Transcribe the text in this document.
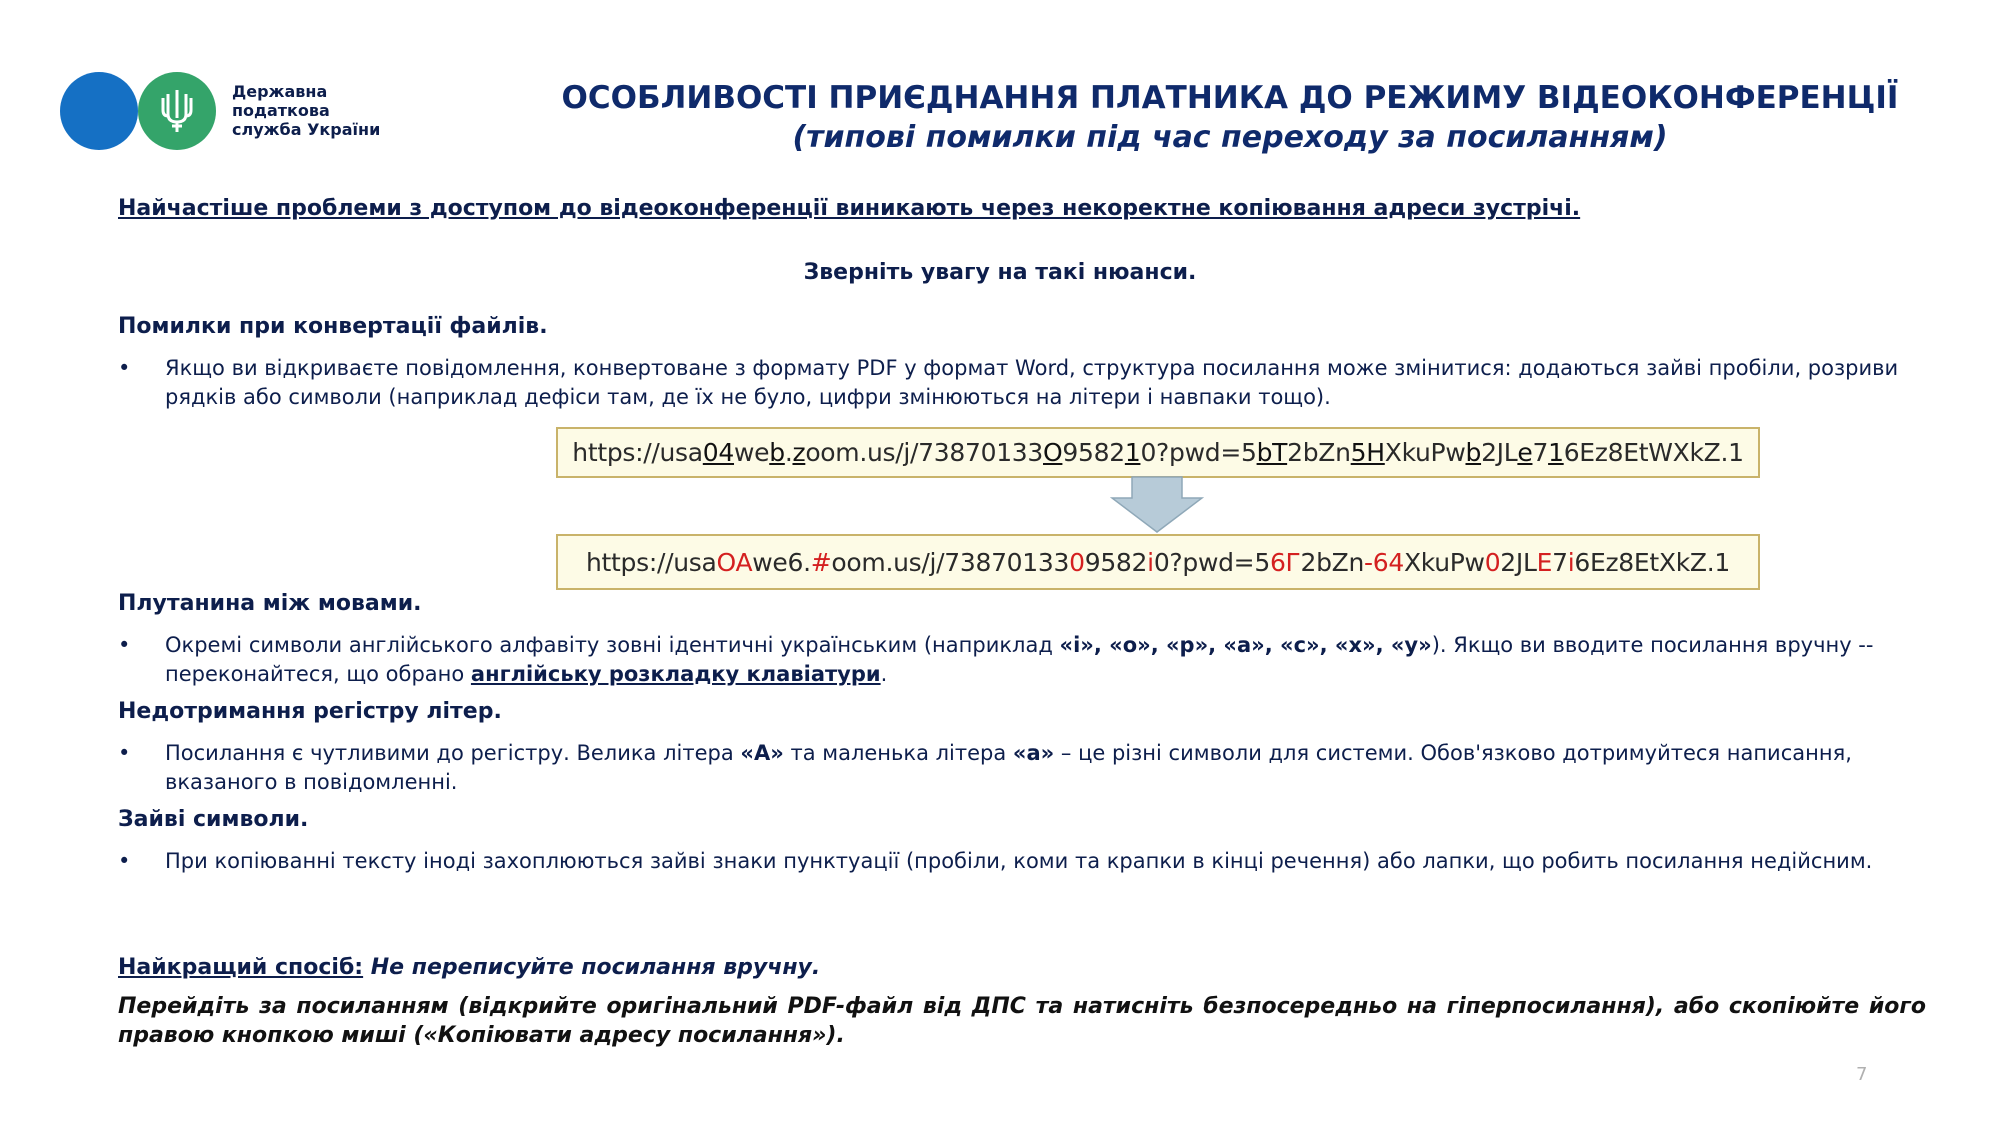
Державна
податкова
служба України
ОСОБЛИВОСТІ ПРИЄДНАННЯ ПЛАТНИКА ДО РЕЖИМУ ВІДЕОКОНФЕРЕНЦІЇ
(типові помилки під час переходу за посиланням)
Найчастіше проблеми з доступом до відеоконференції виникають через некоректне копіювання адреси зустрічі.
Зверніть увагу на такі нюанси.
Помилки при конвертації файлів.
• Якщо ви відкриваєте повідомлення, конвертоване з формату PDF у формат Word, структура посилання може змінитися: додаються зайві пробіли, розриви рядків або символи (наприклад дефіси там, де їх не було, цифри змінюються на літери і навпаки тощо).
https://usa 04 we b . z oom.us/j/73870133 O 9582 1 0?pwd=5 bT 2bZn 5H XkuPw b 2JL e 7 1 6Ez8EtWXkZ.1
https://usa OA we6. # oom.us/j/73870133 0 9582 i 0?pwd=5 6Г 2bZn -64 XkuPw 0 2JL E 7 i 6Ez8EtXkZ.1
Плутанина між мовами.
• Окремі символи англійського алфавіту зовні ідентичні українським (наприклад «і», «о», «р», «а», «с», «х», «у»). Якщо ви вводите посилання вручну -- переконайтеся, що обрано англійську розкладку клавіатури.
Недотримання регістру літер.
• Посилання є чутливими до регістру. Велика літера «А» та маленька літера «а» – це різні символи для системи. Обов'язково дотримуйтеся написання, вказаного в повідомленні.
Зайві символи.
• При копіюванні тексту іноді захоплюються зайві знаки пунктуації (пробіли, коми та крапки в кінці речення) або лапки, що робить посилання недійсним.
Найкращий спосіб: Не переписуйте посилання вручну.
Перейдіть за посиланням (відкрийте оригінальний PDF-файл від ДПС та натисніть безпосередньо на гіперпосилання), або скопіюйте його правою кнопкою миші («Копіювати адресу посилання»).
7
